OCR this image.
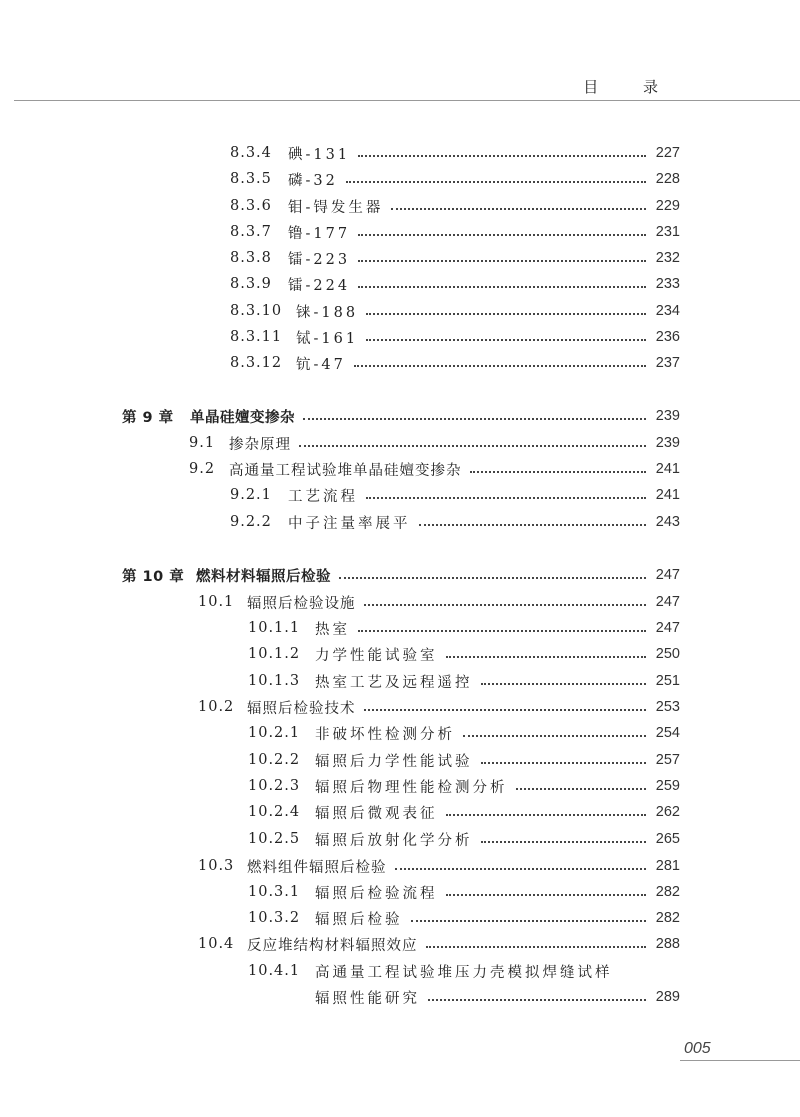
目 录
8.3.4	碘-131	227
8.3.5	磷-32	228
8.3.6	钼-锝发生器	229
8.3.7	镥-177	231
8.3.8	镭-223	232
8.3.9	镭-224	233
8.3.10 铼-188	234
8.3.11 铽-161	236
8.3.12 钪-47	237
第 9 章	单晶硅嬗变掺杂	239
9.1 掺杂原理	239
9.2 高通量工程试验堆单晶硅嬗变掺杂	241
9.2.1	工艺流程	241
9.2.2	中子注量率展平	243
第 10 章 燃料材料辐照后检验	247
10.1 辐照后检验设施	247
10.1.1	热室	247
10.1.2	力学性能试验室	250
10.1.3	热室工艺及远程遥控	251
10.2 辐照后检验技术	253
10.2.1	非破坏性检测分析	254
10.2.2	辐照后力学性能试验	257
10.2.3	辐照后物理性能检测分析	259
10.2.4	辐照后微观表征	262
10.2.5	辐照后放射化学分析	265
10.3 燃料组件辐照后检验	281
10.3.1	辐照后检验流程	282
10.3.2	辐照后检验	282
10.4 反应堆结构材料辐照效应	288
10.4.1	高通量工程试验堆压力壳模拟焊缝试样
辐照性能研究	289
005
